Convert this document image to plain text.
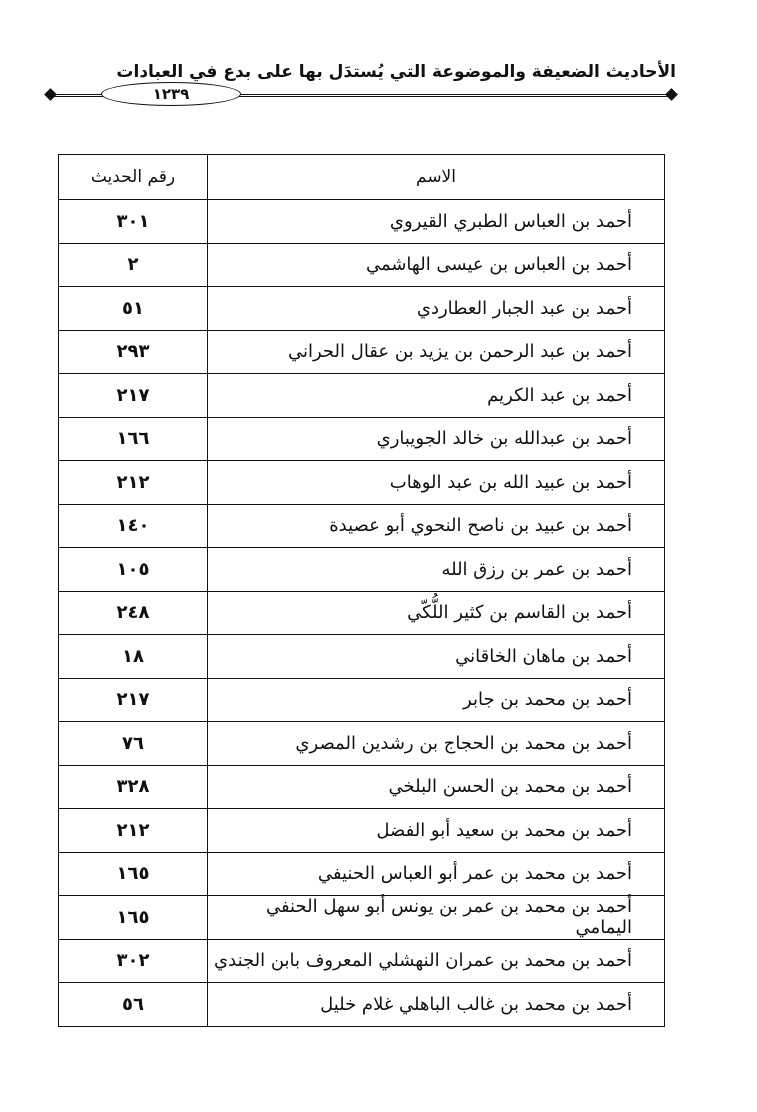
الأحاديث الضعيفة والموضوعة التي يُستدَل بها على بدع في العبادات
١٢٣٩
الاسم	رقم الحديث
أحمد بن العباس الطبري القيروي	٣٠١
أحمد بن العباس بن عيسى الهاشمي	٢
أحمد بن عبد الجبار العطاردي	٥١
أحمد بن عبد الرحمن بن يزيد بن عقال الحراني	٢٩٣
أحمد بن عبد الكريم	٢١٧
أحمد بن عبدالله بن خالد الجويباري	١٦٦
أحمد بن عبيد الله بن عبد الوهاب	٢١٢
أحمد بن عبيد بن ناصح النحوي أبو عصيدة	١٤٠
أحمد بن عمر بن رزق الله	١٠٥
أحمد بن القاسم بن كثير اللُّكّي	٢٤٨
أحمد بن ماهان الخاقاني	١٨
أحمد بن محمد بن جابر	٢١٧
أحمد بن محمد بن الحجاج بن رشدين المصري	٧٦
أحمد بن محمد بن الحسن البلخي	٣٢٨
أحمد بن محمد بن سعيد أبو الفضل	٢١٢
أحمد بن محمد بن عمر أبو العباس الحنيفي	١٦٥
أحمد بن محمد بن عمر بن يونس أبو سهل الحنفي اليمامي	١٦٥
أحمد بن محمد بن عمران النهشلي المعروف بابن الجندي	٣٠٢
أحمد بن محمد بن غالب الباهلي غلام خليل	٥٦
